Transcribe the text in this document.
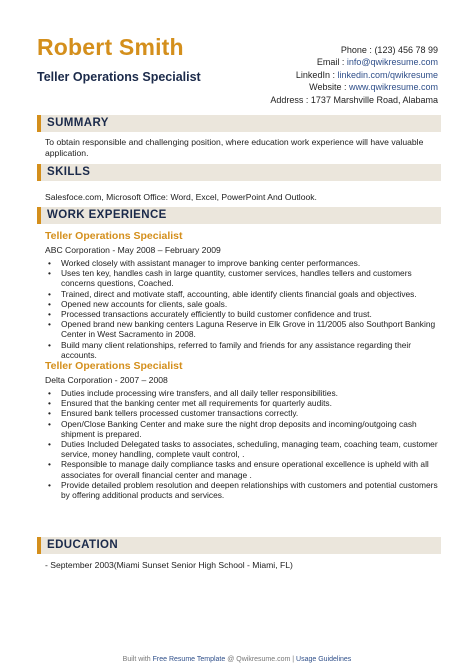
Robert Smith
Teller Operations Specialist
Phone : (123) 456 78 99
Email : info@qwikresume.com
LinkedIn : linkedin.com/qwikresume
Website : www.qwikresume.com
Address : 1737 Marshville Road, Alabama
SUMMARY
To obtain responsible and challenging position, where education work experience will have valuable application.
SKILLS
Salesfoce.com, Microsoft Office: Word, Excel, PowerPoint And Outlook.
WORK EXPERIENCE
Teller Operations Specialist
ABC Corporation - May 2008 – February 2009
• Worked closely with assistant manager to improve banking center performances.
• Uses ten key, handles cash in large quantity, customer services, handles tellers and customers concerns questions, Coached.
• Trained, direct and motivate staff, accounting, able identify clients financial goals and objectives.
• Opened new accounts for clients, sale goals.
• Processed transactions accurately efficiently to build customer confidence and trust.
• Opened brand new banking centers Laguna Reserve in Elk Grove in 11/2005 also Southport Banking Center in West Sacramento in 2008.
• Build many client relationships, referred to family and friends for any assistance regarding their accounts.
Teller Operations Specialist
Delta Corporation - 2007 – 2008
• Duties include processing wire transfers, and all daily teller responsibilities.
• Ensured that the banking center met all requirements for quarterly audits.
• Ensured bank tellers processed customer transactions correctly.
• Open/Close Banking Center and make sure the night drop deposits and incoming/outgoing cash shipment is prepared.
• Duties Included Delegated tasks to associates, scheduling, managing team, coaching team, customer service, money handling, complete vault control, .
• Responsible to manage daily compliance tasks and ensure operational excellence is upheld with all associates for overall financial center and manage .
• Provide detailed problem resolution and deepen relationships with customers and potential customers by offering additional products and services.
EDUCATION
- September 2003(Miami Sunset Senior High School - Miami, FL)
Built with Free Resume Template @ Qwikresume.com | Usage Guidelines
